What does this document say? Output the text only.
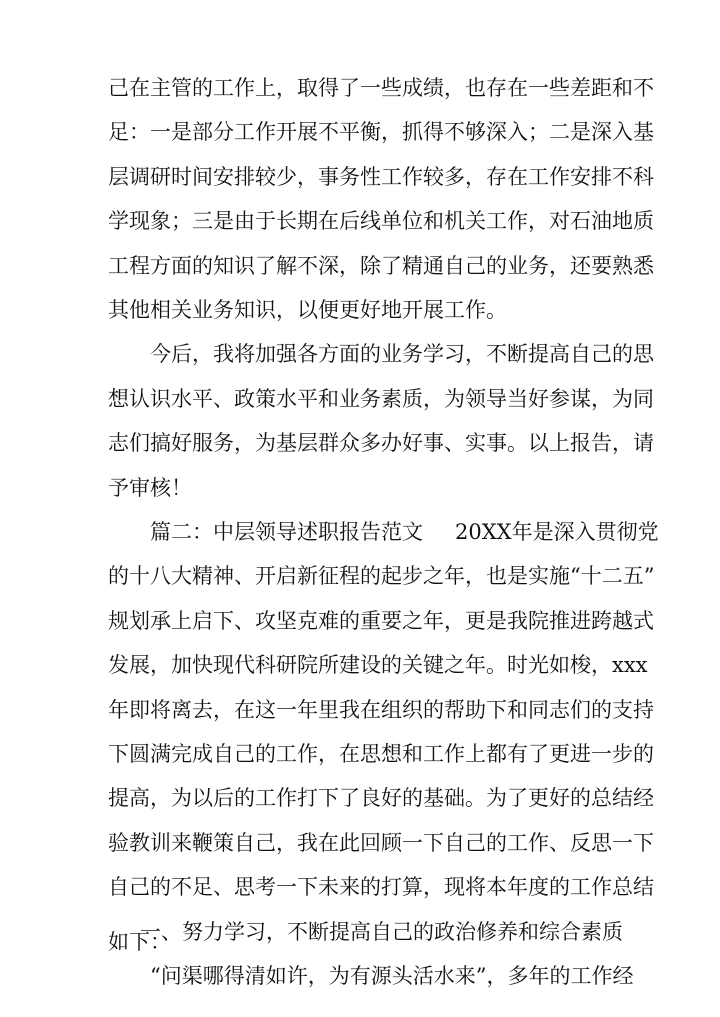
己在主管的工作上，取得了一些成绩，也存在一些差距和不
足：一是部分工作开展不平衡，抓得不够深入；二是深入基
层调研时间安排较少，事务性工作较多，存在工作安排不科
学现象；三是由于长期在后线单位和机关工作，对石油地质
工程方面的知识了解不深，除了精通自己的业务，还要熟悉
其他相关业务知识，以便更好地开展工作。
今后，我将加强各方面的业务学习，不断提高自己的思
想认识水平、政策水平和业务素质，为领导当好参谋，为同
志们搞好服务，为基层群众多办好事、实事。以上报告，请
予审核！
篇二：中层领导述职报告范文 20XX年是深入贯彻党
的十八大精神、开启新征程的起步之年，也是实施“十二五”
规划承上启下、攻坚克难的重要之年，更是我院推进跨越式
发展，加快现代科研院所建设的关键之年。时光如梭，xxx
年即将离去，在这一年里我在组织的帮助下和同志们的支持
下圆满完成自己的工作，在思想和工作上都有了更进一步的
提高，为以后的工作打下了良好的基础。为了更好的总结经
验教训来鞭策自己，我在此回顾一下自己的工作、反思一下
自己的不足、思考一下未来的打算，现将本年度的工作总结
如下：
一、努力学习，不断提高自己的政治修养和综合素质
“问渠哪得清如许，为有源头活水来”，多年的工作经
